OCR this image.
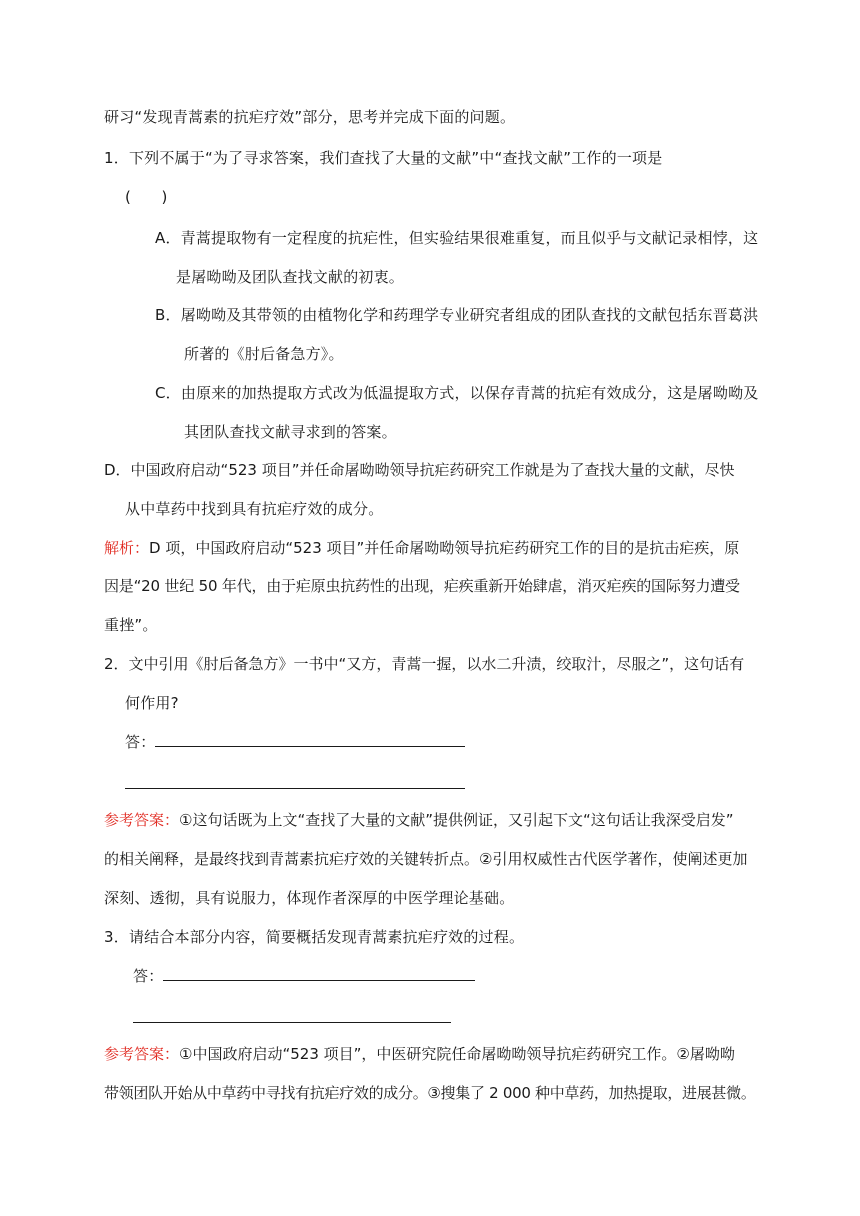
研习“发现青蒿素的抗疟疗效”部分，思考并完成下面的问题。
1．下列不属于“为了寻求答案，我们查找了大量的文献”中“查找文献”工作的一项是
(　　)
A．青蒿提取物有一定程度的抗疟性，但实验结果很难重复，而且似乎与文献记录相悖，这
是屠呦呦及团队查找文献的初衷。
B．屠呦呦及其带领的由植物化学和药理学专业研究者组成的团队查找的文献包括东晋葛洪
所著的《肘后备急方》。
C．由原来的加热提取方式改为低温提取方式，以保存青蒿的抗疟有效成分，这是屠呦呦及
其团队查找文献寻求到的答案。
D．中国政府启动“523 项目”并任命屠呦呦领导抗疟药研究工作就是为了查找大量的文献，尽快
从中草药中找到具有抗疟疗效的成分。
解析：D 项，中国政府启动“523 项目”并任命屠呦呦领导抗疟药研究工作的目的是抗击疟疾，原
因是“20 世纪 50 年代，由于疟原虫抗药性的出现，疟疾重新开始肆虐，消灭疟疾的国际努力遭受
重挫”。
2．文中引用《肘后备急方》一书中“又方，青蒿一握，以水二升渍，绞取汁，尽服之”，这句话有
何作用?
答：
参考答案：①这句话既为上文“查找了大量的文献”提供例证，又引起下文“这句话让我深受启发”
的相关阐释，是最终找到青蒿素抗疟疗效的关键转折点。②引用权威性古代医学著作，使阐述更加
深刻、透彻，具有说服力，体现作者深厚的中医学理论基础。
3．请结合本部分内容，简要概括发现青蒿素抗疟疗效的过程。
答：
参考答案：①中国政府启动“523 项目”，中医研究院任命屠呦呦领导抗疟药研究工作。②屠呦呦
带领团队开始从中草药中寻找有抗疟疗效的成分。③搜集了 2 000 种中草药，加热提取，进展甚微。
